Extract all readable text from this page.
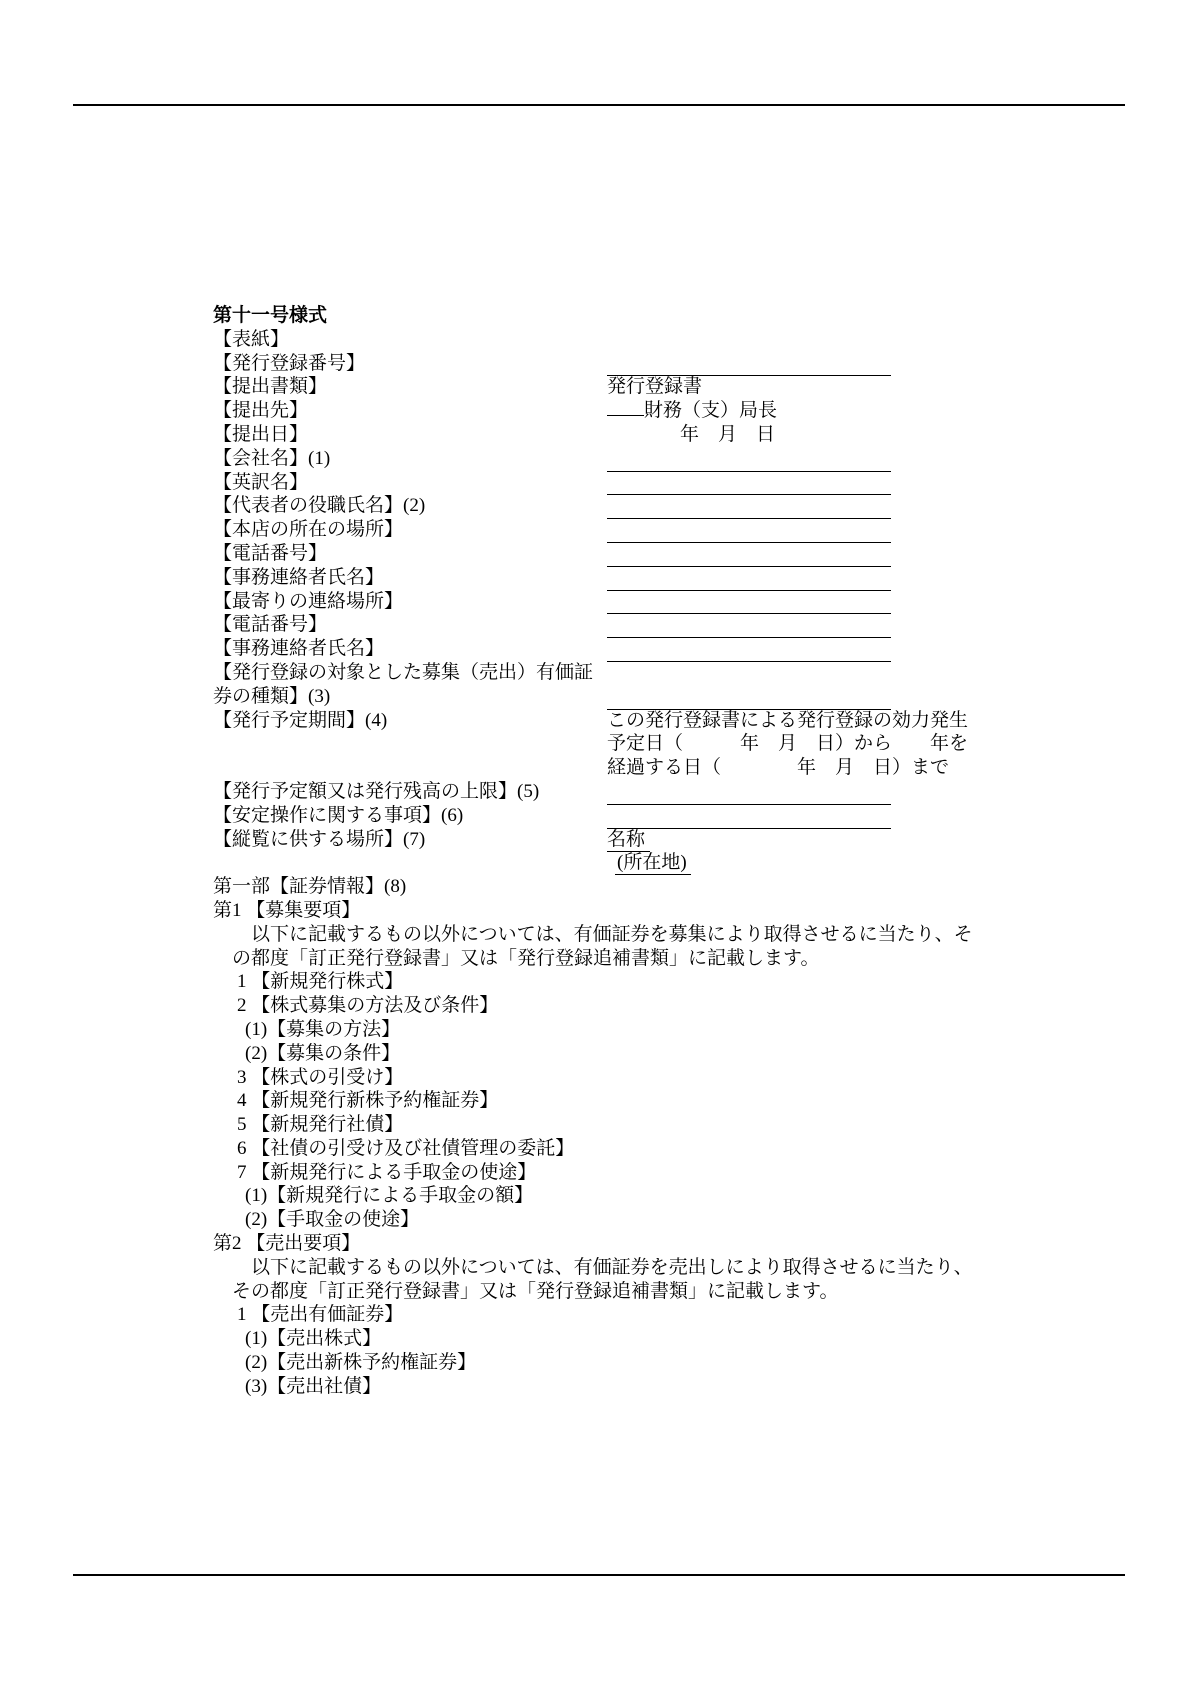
第十一号様式
【表紙】
【発行登録番号】
【提出書類】	発行登録書
【提出先】	財務（支）局長
【提出日】	年　月　日
【会社名】(1)
【英訳名】
【代表者の役職氏名】(2)
【本店の所在の場所】
【電話番号】
【事務連絡者氏名】
【最寄りの連絡場所】
【電話番号】
【事務連絡者氏名】
【発行登録の対象とした募集（売出）有価証
券の種類】(3)
【発行予定期間】(4)	この発行登録書による発行登録の効力発生
予定日（　　　年　月　日）から　　年を
経過する日（　　　　年　月　日）まで
【発行予定額又は発行残高の上限】(5)
【安定操作に関する事項】(6)
【縦覧に供する場所】(7)	名称
(所在地)
第一部【証券情報】(8)
第1 【募集要項】
　　以下に記載するもの以外については、有価証券を募集により取得させるに当たり、そ
　の都度「訂正発行登録書」又は「発行登録追補書類」に記載します。
1 【新規発行株式】
2 【株式募集の方法及び条件】
(1)【募集の方法】
(2)【募集の条件】
3 【株式の引受け】
4 【新規発行新株予約権証券】
5 【新規発行社債】
6 【社債の引受け及び社債管理の委託】
7 【新規発行による手取金の使途】
(1)【新規発行による手取金の額】
(2)【手取金の使途】
第2 【売出要項】
　　以下に記載するもの以外については、有価証券を売出しにより取得させるに当たり、
　その都度「訂正発行登録書」又は「発行登録追補書類」に記載します。
1 【売出有価証券】
(1)【売出株式】
(2)【売出新株予約権証券】
(3)【売出社債】
